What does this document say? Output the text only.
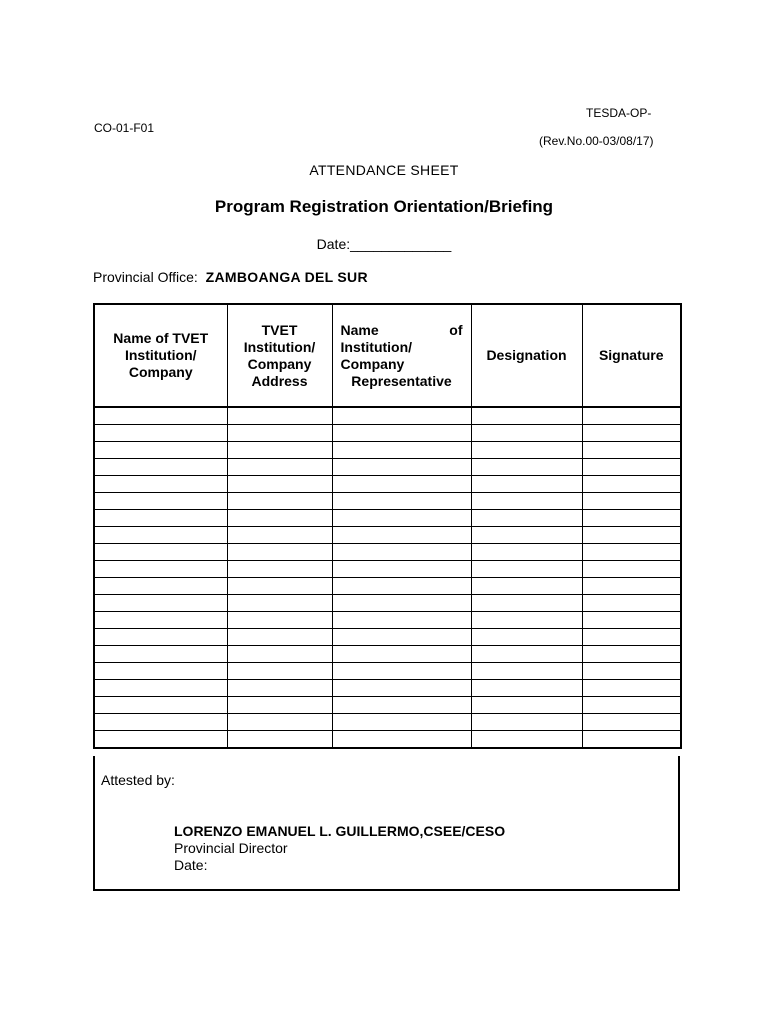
TESDA-OP-
CO-01-F01
(Rev.No.00-03/08/17)
ATTENDANCE SHEET
Program Registration Orientation/Briefing
Date:_____________
Provincial Office: ZAMBOANGA DEL SUR
Name of TVET Institution/ Company	TVET Institution/ Company Address	Name of Institution/ Company Representative	Designation	Signature

Attested by:
LORENZO EMANUEL L. GUILLERMO,CSEE/CESO
Provincial Director
Date:
